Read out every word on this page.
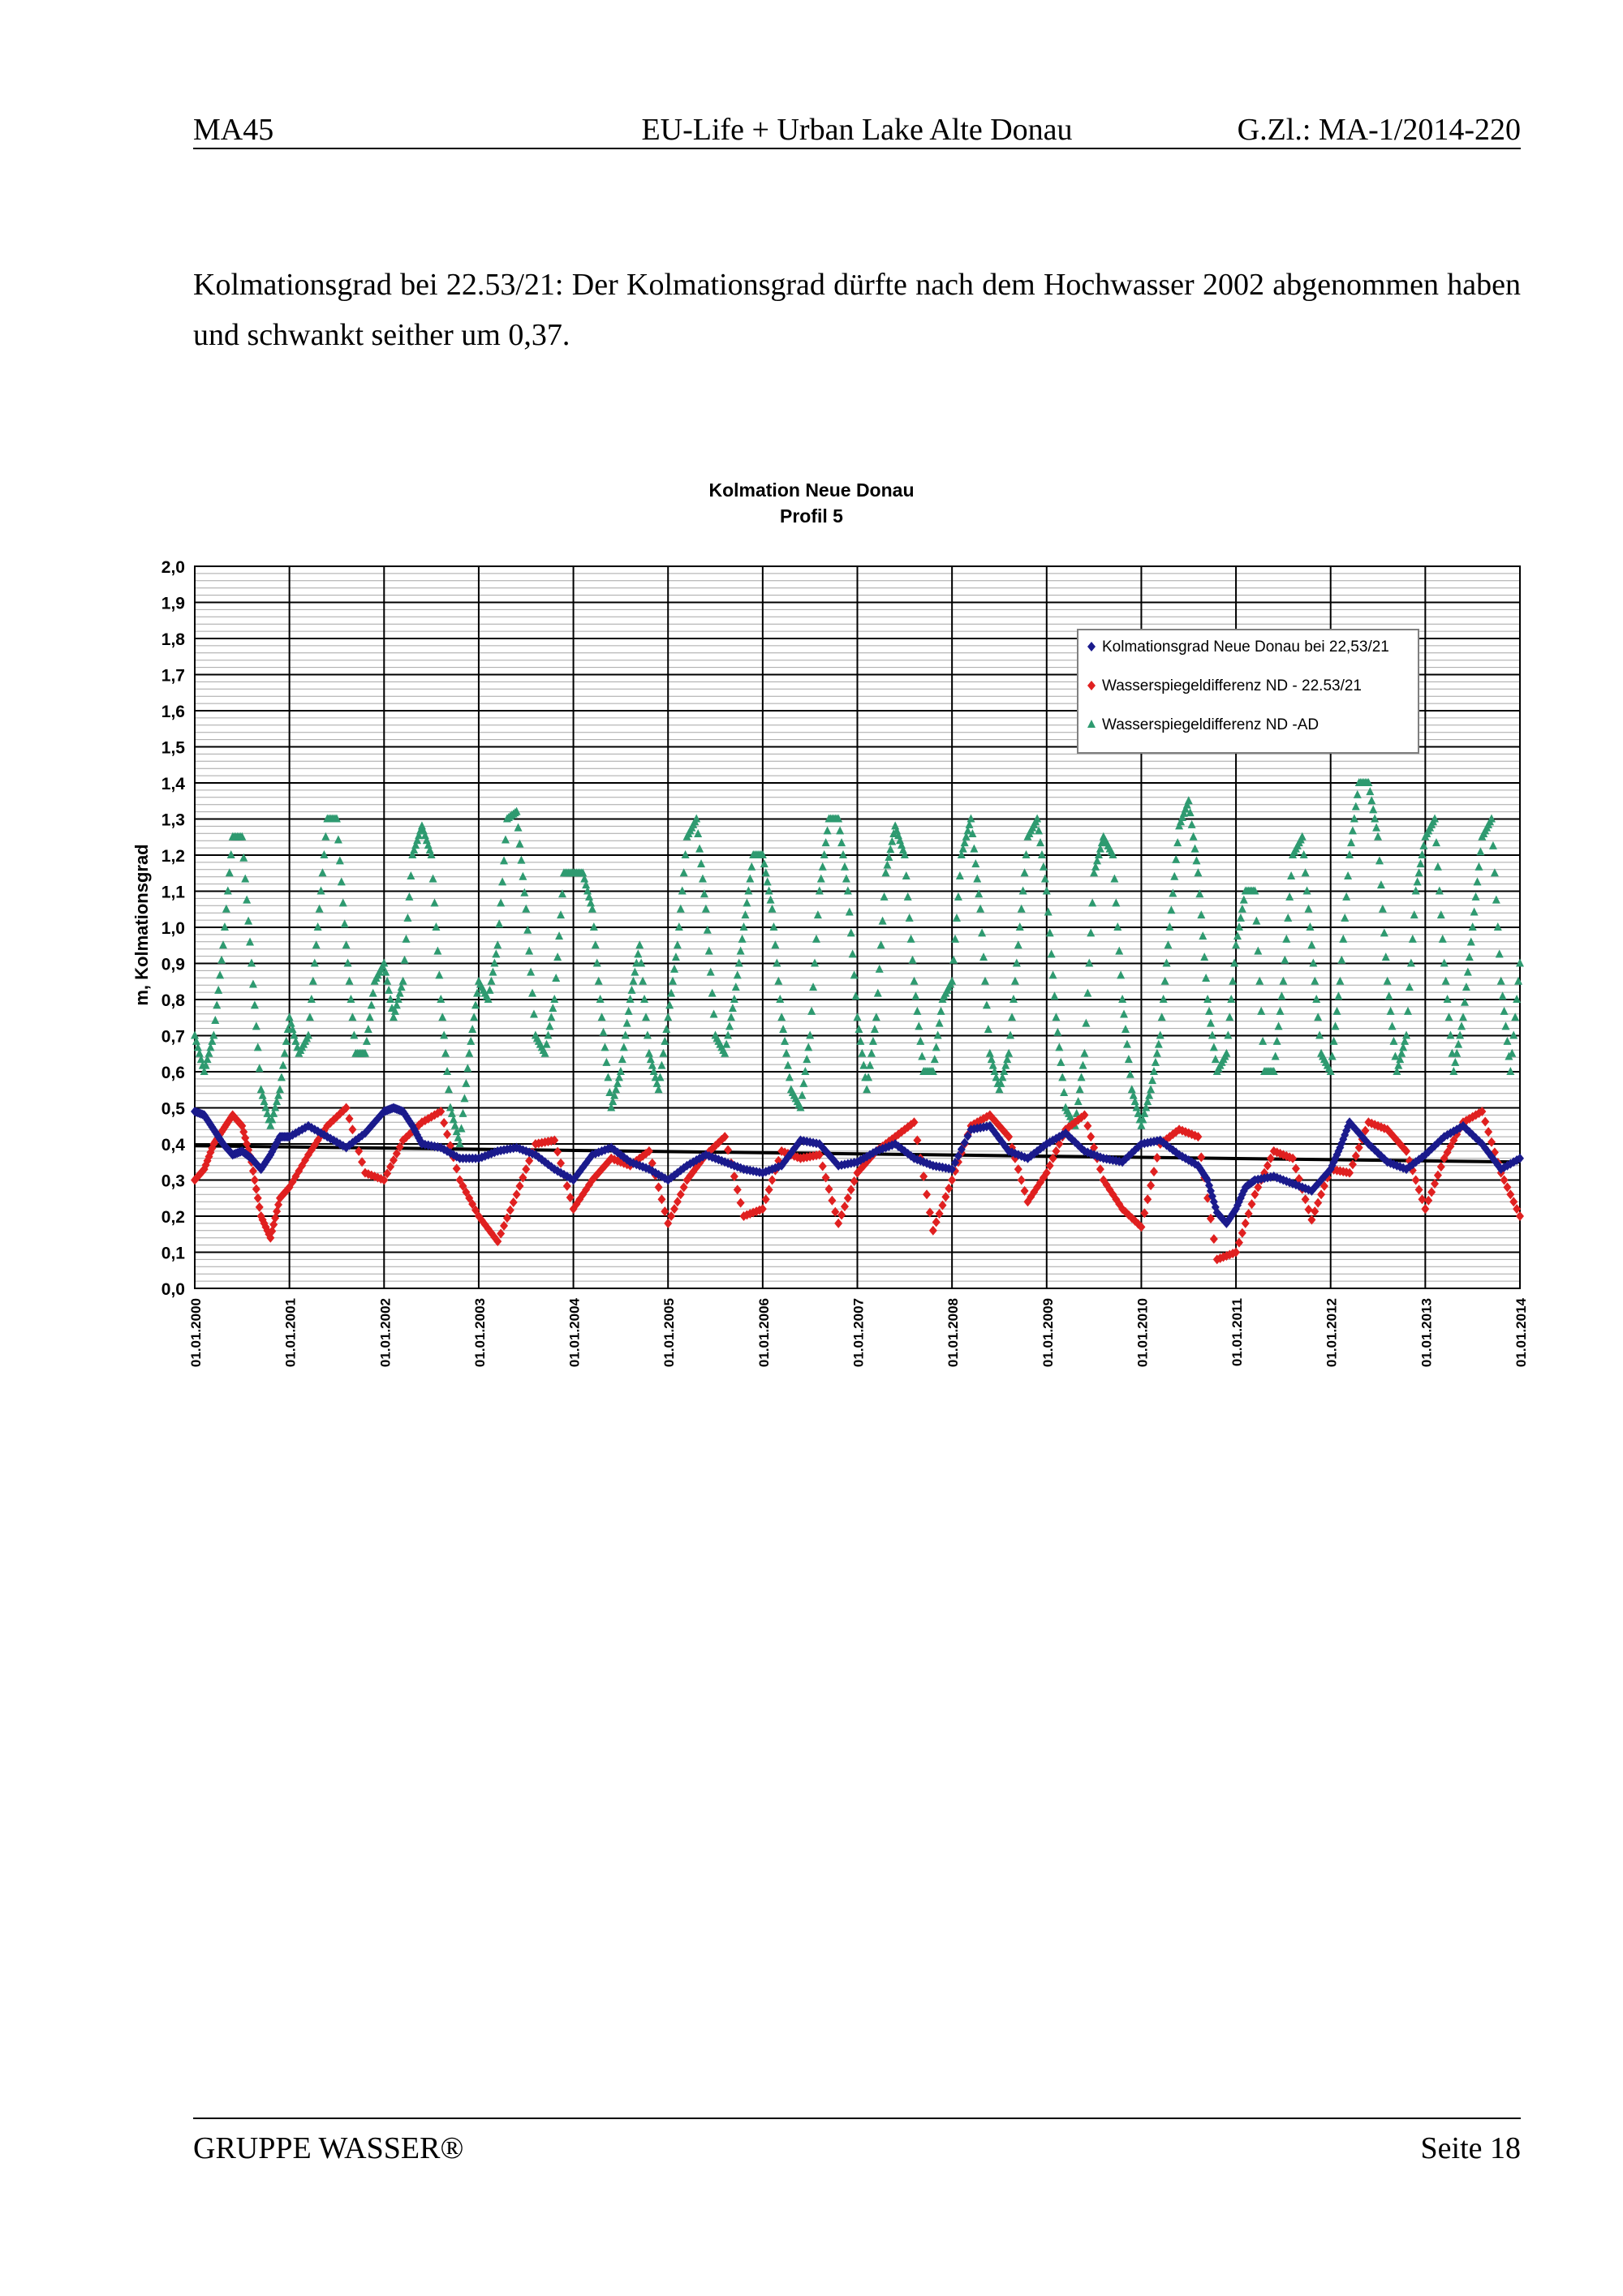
MA45	EU-Life + Urban Lake Alte Donau	G.Zl.: MA-1/2014-220
Kolmationsgrad bei 22.53/21: Der Kolmationsgrad dürfte nach dem Hochwasser 2002 abgenommen haben und schwankt seither um 0,37.
0,0
0,1
0,2
0,3
0,4
0,5
0,6
0,7
0,8
0,9
1,0
1,1
1,2
1,3
1,4
1,5
1,6
1,7
1,8
1,9
2,0
01.01.2000	01.01.2001	01.01.2002	01.01.2003	01.01.2004	01.01.2005	01.01.2006	01.01.2007	01.01.2008	01.01.2009	01.01.2010	01.01.2011	01.01.2012	01.01.2013	01.01.2014
Kolmation Neue Donau
Profil 5
m, Kolmationsgrad
Kolmationsgrad Neue Donau bei 22,53/21
Wasserspiegeldifferenz ND - 22.53/21
Wasserspiegeldifferenz ND -AD
GRUPPE WASSER®	Seite 18
